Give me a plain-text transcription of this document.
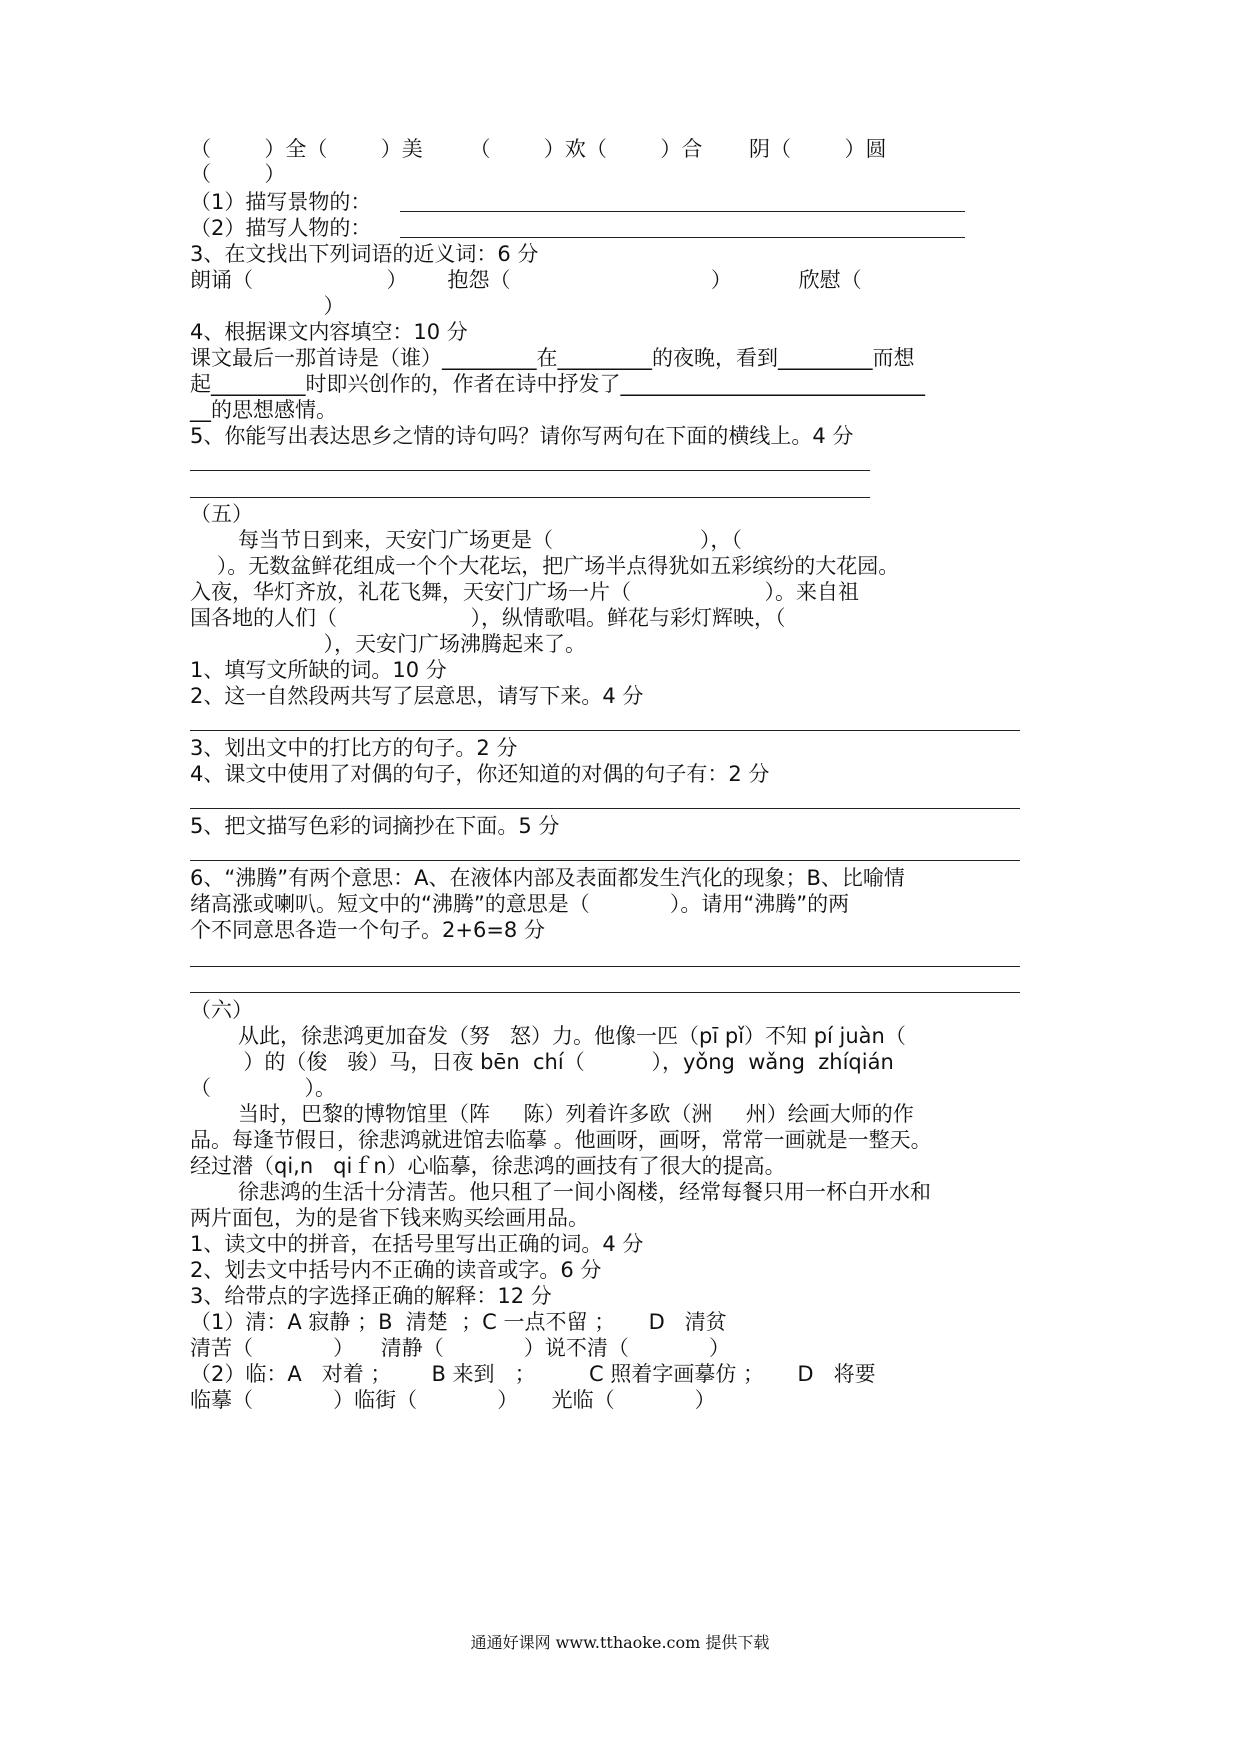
（        ）全（        ）美       （        ）欢（        ）合       阴（        ）圆
（        ）
（1）描写景物的：
（2）描写人物的：
3、在文找出下列词语的近义词：6 分
朗诵（                    ）      抱怨（                              ）          欣慰（
）
4、根据课文内容填空：10 分
课文最后一那首诗是（谁）_________在_________的夜晚，看到_________而想
起_________时即兴创作的，作者在诗中抒发了_____________________________
__的思想感情。
5、你能写出表达思乡之情的诗句吗？请你写两句在下面的横线上。4 分
（五）
每当节日到来，天安门广场更是（                      ），（
）。无数盆鲜花组成一个个大花坛，把广场半点得犹如五彩缤纷的大花园。
入夜，华灯齐放，礼花飞舞，天安门广场一片（                    ）。来自祖
国各地的人们（                    ），纵情歌唱。鲜花与彩灯辉映，（
），天安门广场沸腾起来了。
1、填写文所缺的词。10 分
2、这一自然段两共写了层意思，请写下来。4 分
3、划出文中的打比方的句子。2 分
4、课文中使用了对偶的句子，你还知道的对偶的句子有：2 分
5、把文描写色彩的词摘抄在下面。5 分
6、“沸腾”有两个意思：A、在液体内部及表面都发生汽化的现象；B、比喻情
绪高涨或喇叭。短文中的“沸腾”的意思是（            ）。请用“沸腾”的两
个不同意思各造一个句子。2+6=8 分
（六）
从此，徐悲鸿更加奋发（努   怒）力。他像一匹（pī pǐ）不知 pí juàn（
）的（俊   骏）马，日夜 bēn  chí（          ），yǒng  wǎng  zhíqián
（              ）。
当时，巴黎的博物馆里（阵     陈）列着许多欧（洲     州）绘画大师的作
品。每逢节假日，徐悲鸿就进馆去临摹 。他画呀，画呀，常常一画就是一整天。
经过潜（qi,n   qiｆn）心临摹，徐悲鸿的画技有了很大的提高。
徐悲鸿的生活十分清苦。他只租了一间小阁楼，经常每餐只用一杯白开水和
两片面包，为的是省下钱来购买绘画用品。
1、读文中的拼音，在括号里写出正确的词。4 分
2、划去文中括号内不正确的读音或字。6 分
3、给带点的字选择正确的解释：12 分
（1）清：A 寂静 ；B  清楚  ；C 一点不留 ；     D   清贫
清苦（            ）    清静（            ）说不清（            ）
（2）临：A   对着 ；      B 来到   ；        C 照着字画摹仿 ；     D   将要
临摹（            ）临街（            ）     光临（            ）
通通好课网 www.tthaoke.com 提供下载
